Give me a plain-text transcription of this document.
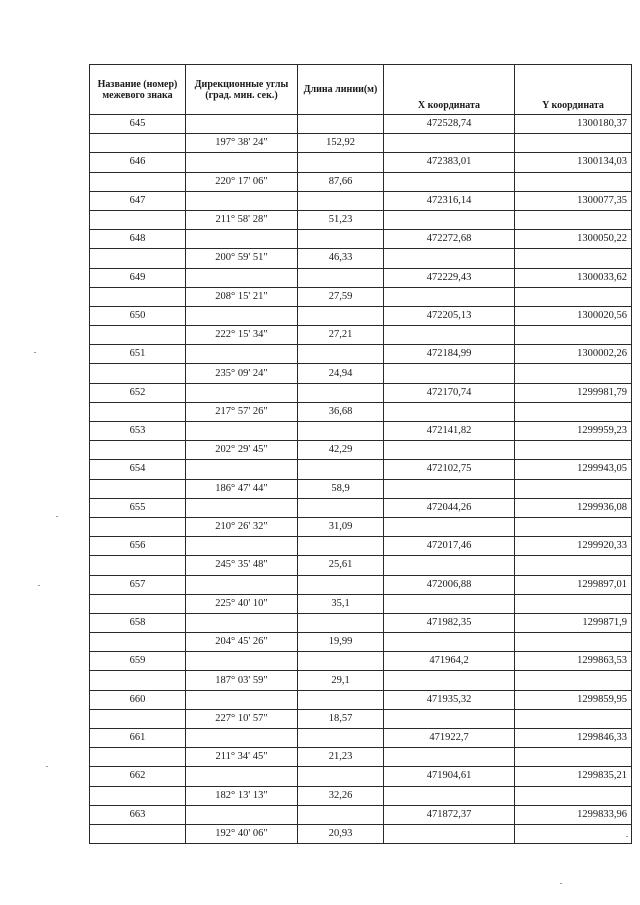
Название (номер) межевого знака	Дирекционные углы (град. мин. сек.)	Длина линии(м)	X координата	Y координата
645			472528,74	1300180,37
	197° 38' 24"	152,92		
646			472383,01	1300134,03
	220° 17' 06"	87,66		
647			472316,14	1300077,35
	211° 58' 28"	51,23		
648			472272,68	1300050,22
	200° 59' 51"	46,33		
649			472229,43	1300033,62
	208° 15' 21"	27,59		
650			472205,13	1300020,56
	222° 15' 34"	27,21		
651			472184,99	1300002,26
	235° 09' 24"	24,94		
652			472170,74	1299981,79
	217° 57' 26"	36,68		
653			472141,82	1299959,23
	202° 29' 45"	42,29		
654			472102,75	1299943,05
	186° 47' 44"	58,9		
655			472044,26	1299936,08
	210° 26' 32"	31,09		
656			472017,46	1299920,33
	245° 35' 48"	25,61		
657			472006,88	1299897,01
	225° 40' 10"	35,1		
658			471982,35	1299871,9
	204° 45' 26"	19,99		
659			471964,2	1299863,53
	187° 03' 59"	29,1		
660			471935,32	1299859,95
	227° 10' 57"	18,57		
661			471922,7	1299846,33
	211° 34' 45"	21,23		
662			471904,61	1299835,21
	182° 13' 13"	32,26		
663			471872,37	1299833,96
	192° 40' 06"	20,93		
